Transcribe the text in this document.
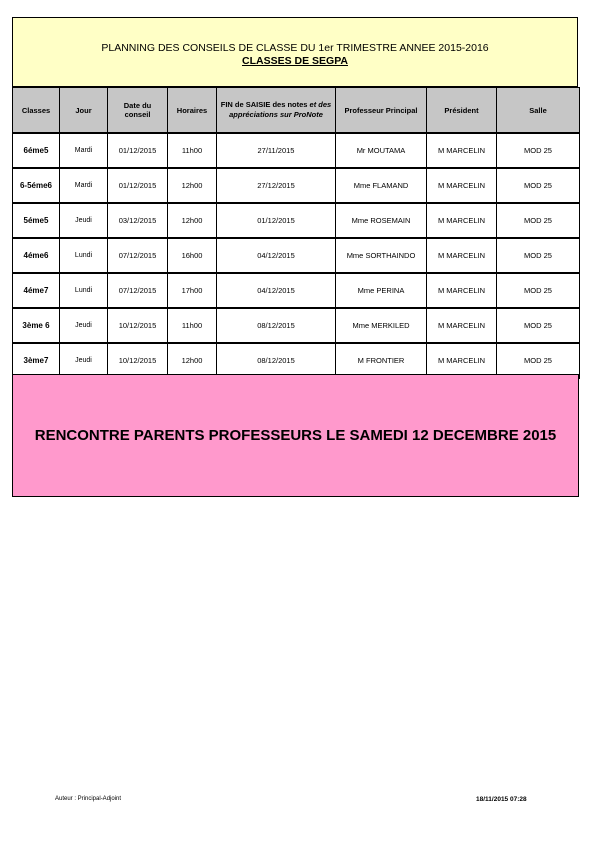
PLANNING DES CONSEILS DE CLASSE DU 1er TRIMESTRE ANNEE 2015-2016
CLASSES DE SEGPA
Classes	Jour	Date du conseil	Horaires	FIN de SAISIE des notes et des appréciations sur ProNote	Professeur Principal	Président	Salle
6éme5	Mardi	01/12/2015	11h00	27/11/2015	Mr MOUTAMA	M MARCELIN	MOD 25
6-5éme6	Mardi	01/12/2015	12h00	27/12/2015	Mme FLAMAND	M MARCELIN	MOD 25
5éme5	Jeudi	03/12/2015	12h00	01/12/2015	Mme ROSEMAIN	M MARCELIN	MOD 25
4éme6	Lundi	07/12/2015	16h00	04/12/2015	Mme SORTHAINDO	M MARCELIN	MOD 25
4éme7	Lundi	07/12/2015	17h00	04/12/2015	Mme PERINA	M MARCELIN	MOD 25
3ème 6	Jeudi	10/12/2015	11h00	08/12/2015	Mme MERKILED	M MARCELIN	MOD 25
3ème7	Jeudi	10/12/2015	12h00	08/12/2015	M FRONTIER	M MARCELIN	MOD 25
RENCONTRE PARENTS PROFESSEURS LE SAMEDI 12 DECEMBRE 2015
Auteur : Principal-Adjoint	18/11/2015 07:28
